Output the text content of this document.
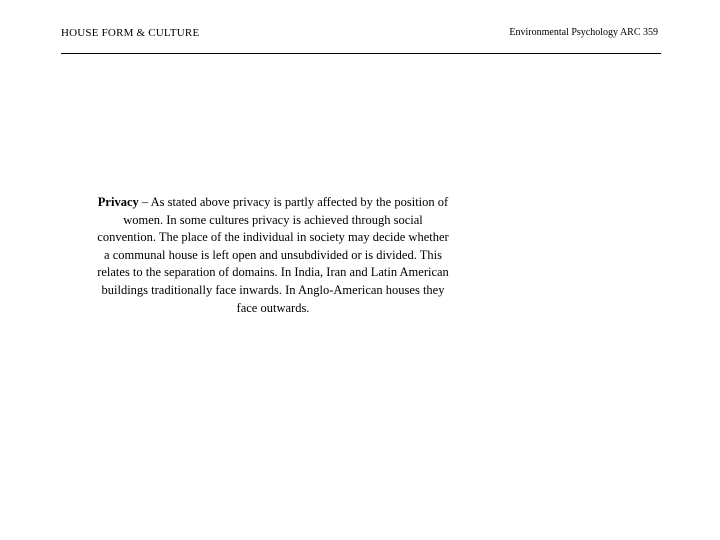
HOUSE FORM & CULTURE	Environmental Psychology ARC 359
Privacy – As stated above privacy is partly affected by the position of women. In some cultures privacy is achieved through social convention. The place of the individual in society may decide whether a communal house is left open and unsubdivided or is divided. This relates to the separation of domains. In India, Iran and Latin American buildings traditionally face inwards. In Anglo-American houses they face outwards.
